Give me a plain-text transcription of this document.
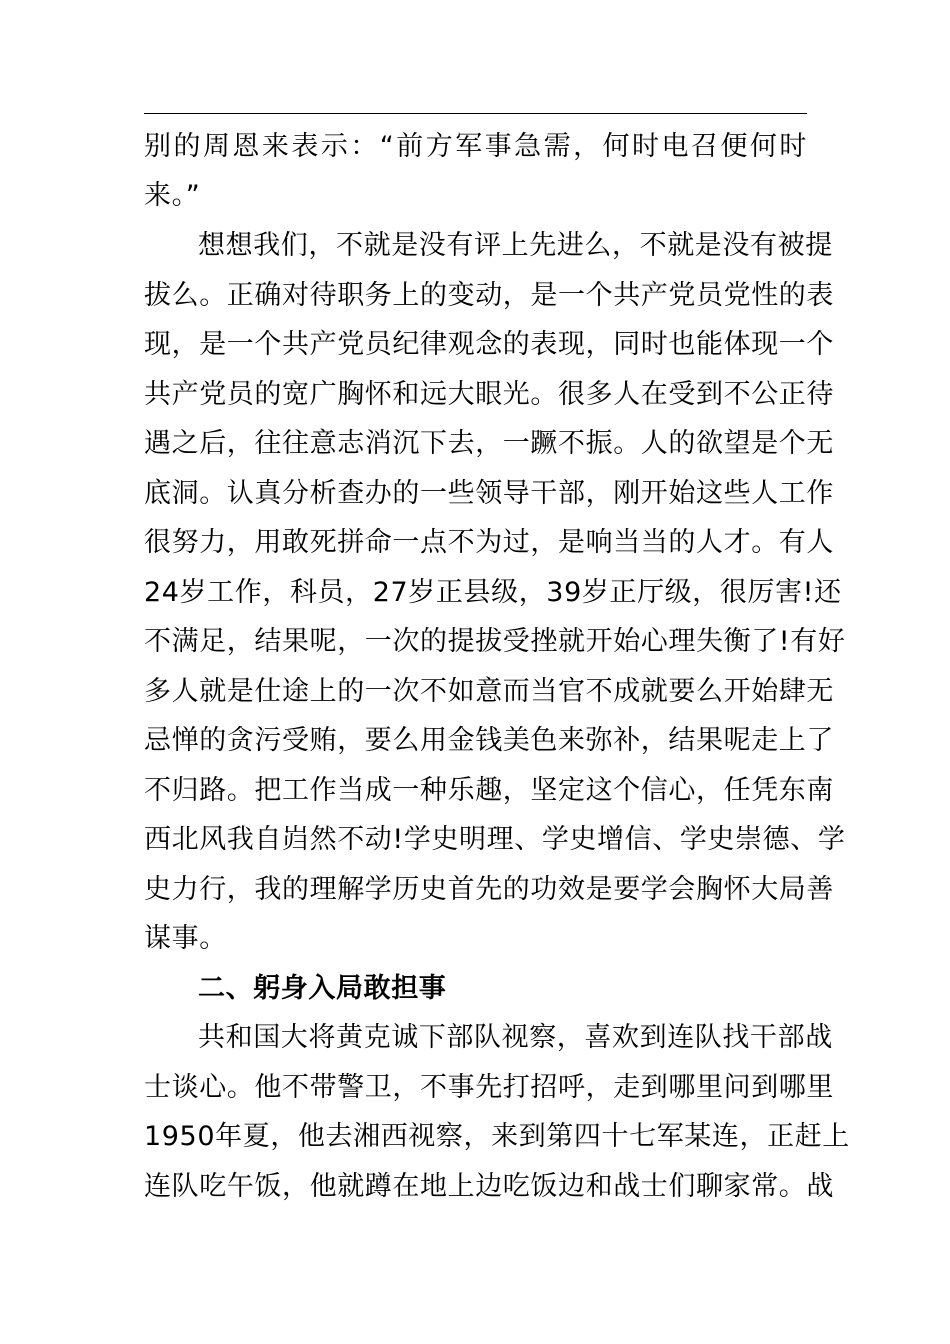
别的周恩来表示：“前方军事急需，何时电召便何时
来。”
想想我们，不就是没有评上先进么，不就是没有被提
拔么。正确对待职务上的变动，是一个共产党员党性的表
现，是一个共产党员纪律观念的表现，同时也能体现一个
共产党员的宽广胸怀和远大眼光。很多人在受到不公正待
遇之后，往往意志消沉下去，一蹶不振。人的欲望是个无
底洞。认真分析查办的一些领导干部，刚开始这些人工作
很努力，用敢死拼命一点不为过，是响当当的人才。有人
24岁工作，科员，27岁正县级，39岁正厅级，很厉害!还
不满足，结果呢，一次的提拔受挫就开始心理失衡了!有好
多人就是仕途上的一次不如意而当官不成就要么开始肆无
忌惮的贪污受贿，要么用金钱美色来弥补，结果呢走上了
不归路。把工作当成一种乐趣，坚定这个信心，任凭东南
西北风我自岿然不动!学史明理、学史增信、学史崇德、学
史力行，我的理解学历史首先的功效是要学会胸怀大局善
谋事。
二、躬身入局敢担事
共和国大将黄克诚下部队视察，喜欢到连队找干部战
士谈心。他不带警卫，不事先打招呼，走到哪里问到哪里
1950年夏，他去湘西视察，来到第四十七军某连，正赶上
连队吃午饭，他就蹲在地上边吃饭边和战士们聊家常。战
